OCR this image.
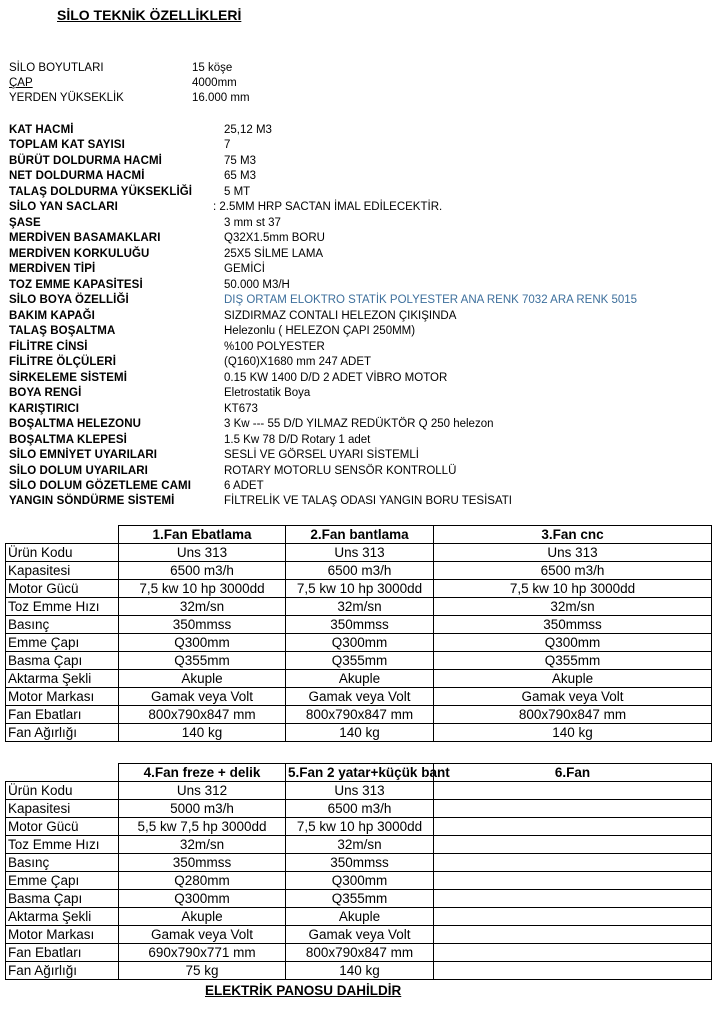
SİLO TEKNİK ÖZELLİKLERİ
SİLO BOYUTLARI	15 köşe
ÇAP	4000mm
YERDEN YÜKSEKLİK	16.000 mm
KAT HACMİ	25,12 M3
TOPLAM KAT SAYISI	7
BÜRÜT DOLDURMA HACMİ	75 M3
NET DOLDURMA HACMİ	65 M3
TALAŞ DOLDURMA YÜKSEKLİĞİ	5 MT
SİLO YAN SACLARI	: 2.5MM HRP SACTAN İMAL EDİLECEKTİR.
ŞASE	3 mm st 37
MERDİVEN BASAMAKLARI	Q32X1.5mm BORU
MERDİVEN KORKULUĞU	25X5 SİLME LAMA
MERDİVEN TİPİ	GEMİCİ
TOZ EMME KAPASİTESİ	50.000 M3/H
SİLO BOYA ÖZELLİĞİ	DIŞ ORTAM ELOKTRO STATİK POLYESTER ANA RENK 7032 ARA RENK 5015
BAKIM KAPAĞI	SIZDIRMAZ CONTALI HELEZON ÇIKIŞINDA
TALAŞ BOŞALTMA	Helezonlu ( HELEZON ÇAPI 250MM)
FİLİTRE CİNSİ	%100 POLYESTER
FİLİTRE ÖLÇÜLERİ	(Q160)X1680 mm 247 ADET
SİRKELEME SİSTEMİ	0.15 KW 1400 D/D 2 ADET VİBRO MOTOR
BOYA RENGİ	Eletrostatik Boya
KARIŞTIRICI	KT673
BOŞALTMA HELEZONU	3 Kw --- 55 D/D YILMAZ REDÜKTÖR Q 250 helezon
BOŞALTMA KLEPESİ	1.5 Kw 78 D/D Rotary 1 adet
SİLO EMNİYET UYARILARI	SESLİ VE GÖRSEL UYARI SİSTEMLİ
SİLO DOLUM UYARILARI	ROTARY MOTORLU SENSÖR KONTROLLÜ
SİLO DOLUM GÖZETLEME CAMI	6 ADET
YANGIN SÖNDÜRME SİSTEMİ	FİLTRELİK VE TALAŞ ODASI YANGIN BORU TESİSATI
	1.Fan Ebatlama	2.Fan bantlama	3.Fan cnc
Ürün Kodu	Uns 313	Uns 313	Uns 313
Kapasitesi	6500 m3/h	6500 m3/h	6500 m3/h
Motor Gücü	7,5 kw 10 hp 3000dd	7,5 kw 10 hp 3000dd	7,5 kw 10 hp 3000dd
Toz Emme Hızı	32m/sn	32m/sn	32m/sn
Basınç	350mmss	350mmss	350mmss
Emme Çapı	Q300mm	Q300mm	Q300mm
Basma Çapı	Q355mm	Q355mm	Q355mm
Aktarma Şekli	Akuple	Akuple	Akuple
Motor Markası	Gamak veya Volt	Gamak veya Volt	Gamak veya Volt
Fan Ebatları	800x790x847 mm	800x790x847 mm	800x790x847 mm
Fan Ağırlığı	140 kg	140 kg	140 kg
	4.Fan freze + delik	5.Fan 2 yatar+küçük bant	6.Fan
Ürün Kodu	Uns 312	Uns 313	
Kapasitesi	5000 m3/h	6500 m3/h	
Motor Gücü	5,5 kw 7,5 hp 3000dd	7,5 kw 10 hp 3000dd	
Toz Emme Hızı	32m/sn	32m/sn	
Basınç	350mmss	350mmss	
Emme Çapı	Q280mm	Q300mm	
Basma Çapı	Q300mm	Q355mm	
Aktarma Şekli	Akuple	Akuple	
Motor Markası	Gamak veya Volt	Gamak veya Volt	
Fan Ebatları	690x790x771 mm	800x790x847 mm	
Fan Ağırlığı	75 kg	140 kg	
ELEKTRİK PANOSU DAHİLDİR
